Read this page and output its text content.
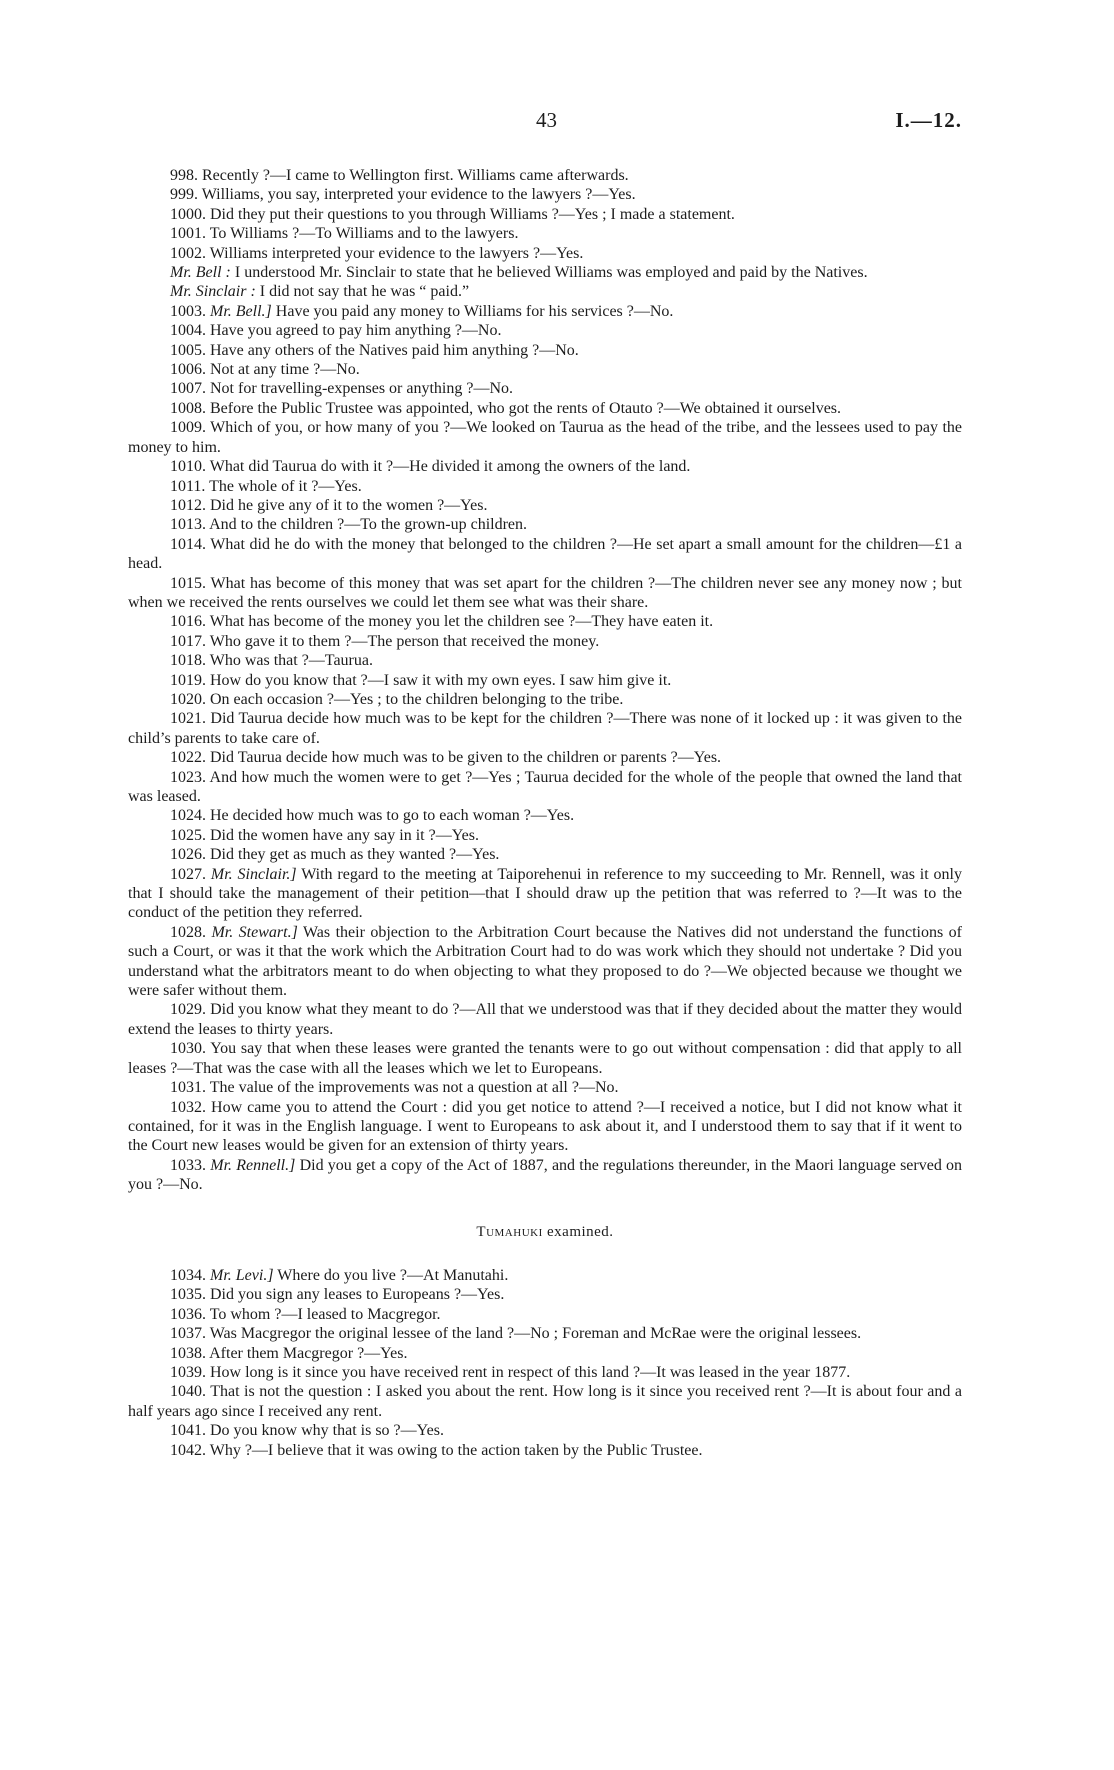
43	I.—12.

998. Recently ?—I came to Wellington first. Williams came afterwards.

999. Williams, you say, interpreted your evidence to the lawyers ?—Yes.

1000. Did they put their questions to you through Williams ?—Yes ; I made a statement.

1001. To Williams ?—To Williams and to the lawyers.

1002. Williams interpreted your evidence to the lawyers ?—Yes.

Mr. Bell : I understood Mr. Sinclair to state that he believed Williams was employed and paid by the Natives.

Mr. Sinclair : I did not say that he was “ paid.”

1003. Mr. Bell.] Have you paid any money to Williams for his services ?—No.

1004. Have you agreed to pay him anything ?—No.

1005. Have any others of the Natives paid him anything ?—No.

1006. Not at any time ?—No.

1007. Not for travelling-expenses or anything ?—No.

1008. Before the Public Trustee was appointed, who got the rents of Otauto ?—We obtained it ourselves.

1009. Which of you, or how many of you ?—We looked on Taurua as the head of the tribe, and the lessees used to pay the money to him.

1010. What did Taurua do with it ?—He divided it among the owners of the land.

1011. The whole of it ?—Yes.

1012. Did he give any of it to the women ?—Yes.

1013. And to the children ?—To the grown-up children.

1014. What did he do with the money that belonged to the children ?—He set apart a small amount for the children—£1 a head.

1015. What has become of this money that was set apart for the children ?—The children never see any money now ; but when we received the rents ourselves we could let them see what was their share.

1016. What has become of the money you let the children see ?—They have eaten it.

1017. Who gave it to them ?—The person that received the money.

1018. Who was that ?—Taurua.

1019. How do you know that ?—I saw it with my own eyes. I saw him give it.

1020. On each occasion ?—Yes ; to the children belonging to the tribe.

1021. Did Taurua decide how much was to be kept for the children ?—There was none of it locked up : it was given to the child’s parents to take care of.

1022. Did Taurua decide how much was to be given to the children or parents ?—Yes.

1023. And how much the women were to get ?—Yes ; Taurua decided for the whole of the people that owned the land that was leased.

1024. He decided how much was to go to each woman ?—Yes.

1025. Did the women have any say in it ?—Yes.

1026. Did they get as much as they wanted ?—Yes.

1027. Mr. Sinclair.] With regard to the meeting at Taiporehenui in reference to my succeeding to Mr. Rennell, was it only that I should take the management of their petition—that I should draw up the petition that was referred to ?—It was to the conduct of the petition they referred.

1028. Mr. Stewart.] Was their objection to the Arbitration Court because the Natives did not understand the functions of such a Court, or was it that the work which the Arbitration Court had to do was work which they should not undertake ? Did you understand what the arbitrators meant to do when objecting to what they proposed to do ?—We objected because we thought we were safer without them.

1029. Did you know what they meant to do ?—All that we understood was that if they decided about the matter they would extend the leases to thirty years.

1030. You say that when these leases were granted the tenants were to go out without compensation : did that apply to all leases ?—That was the case with all the leases which we let to Europeans.

1031. The value of the improvements was not a question at all ?—No.

1032. How came you to attend the Court : did you get notice to attend ?—I received a notice, but I did not know what it contained, for it was in the English language. I went to Europeans to ask about it, and I understood them to say that if it went to the Court new leases would be given for an extension of thirty years.

1033. Mr. Rennell.] Did you get a copy of the Act of 1887, and the regulations thereunder, in the Maori language served on you ?—No.

Tumahuki examined.

1034. Mr. Levi.] Where do you live ?—At Manutahi.

1035. Did you sign any leases to Europeans ?—Yes.

1036. To whom ?—I leased to Macgregor.

1037. Was Macgregor the original lessee of the land ?—No ; Foreman and McRae were the original lessees.

1038. After them Macgregor ?—Yes.

1039. How long is it since you have received rent in respect of this land ?—It was leased in the year 1877.

1040. That is not the question : I asked you about the rent. How long is it since you received rent ?—It is about four and a half years ago since I received any rent.

1041. Do you know why that is so ?—Yes.

1042. Why ?—I believe that it was owing to the action taken by the Public Trustee.
